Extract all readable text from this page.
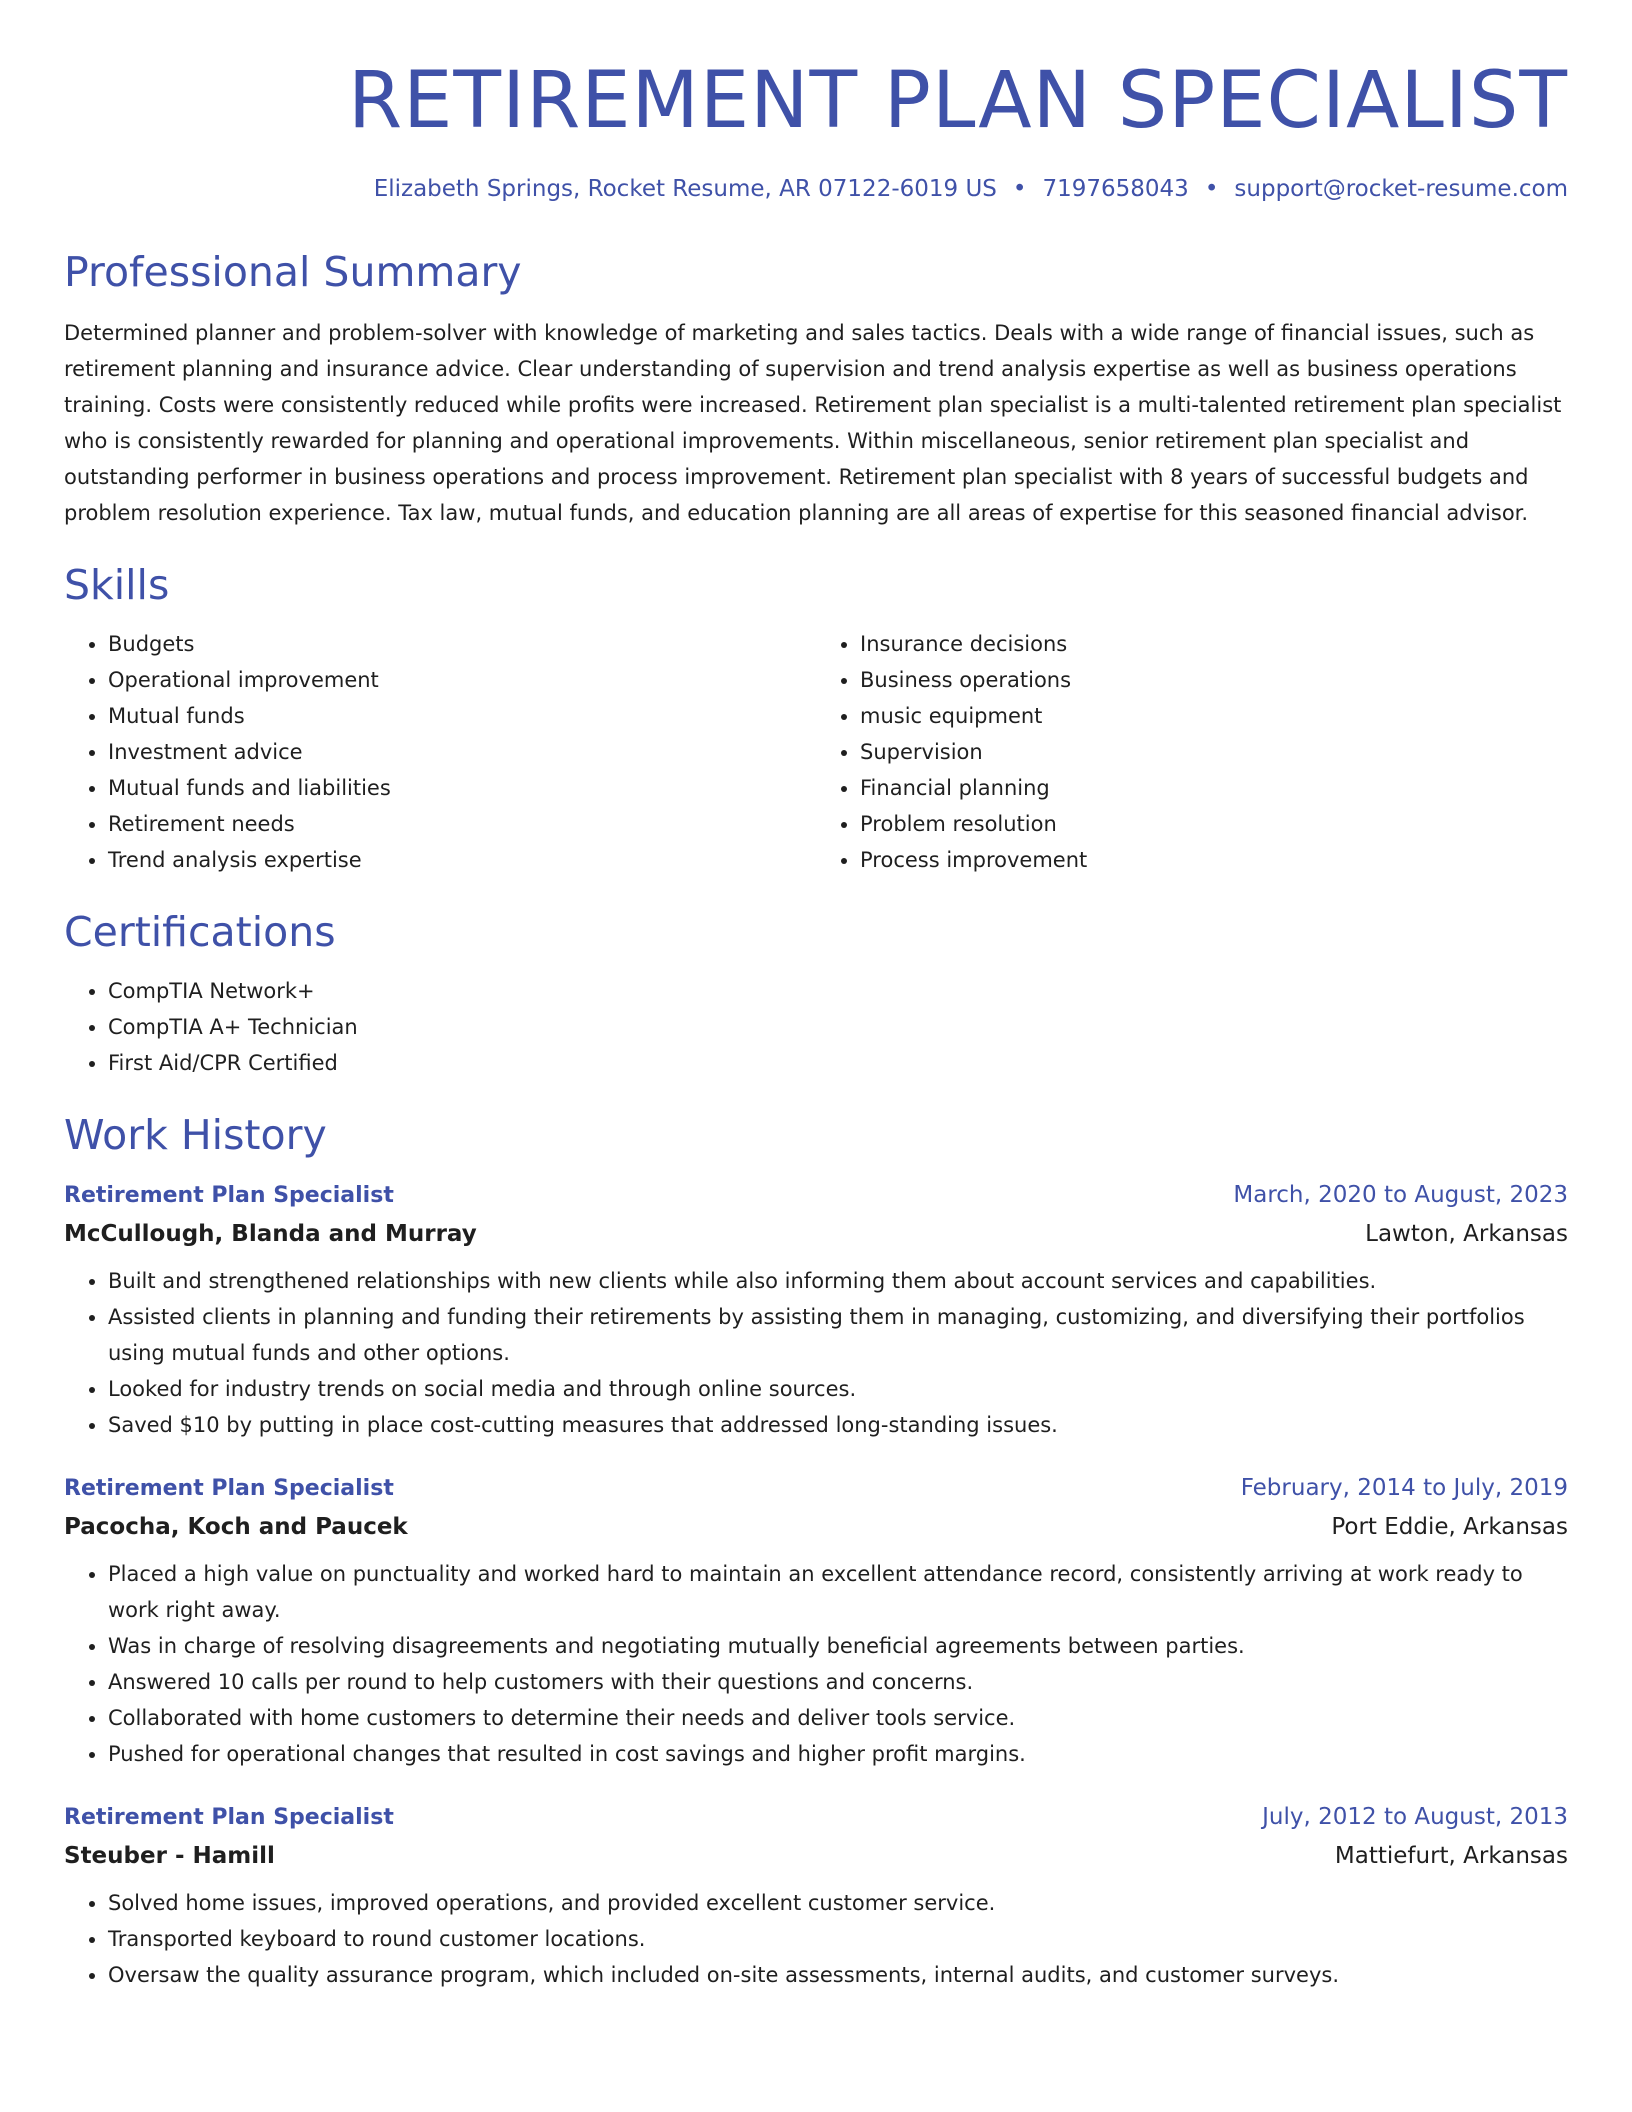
RETIREMENT PLAN SPECIALIST
Elizabeth Springs, Rocket Resume, AR 07122-6019 US • 7197658043 • support@rocket-resume.com
Professional Summary

Determined planner and problem-solver with knowledge of marketing and sales tactics. Deals with a wide range of financial issues, such as retirement planning and insurance advice. Clear understanding of supervision and trend analysis expertise as well as business operations training. Costs were consistently reduced while profits were increased. Retirement plan specialist is a multi-talented retirement plan specialist who is consistently rewarded for planning and operational improvements. Within miscellaneous, senior retirement plan specialist and outstanding performer in business operations and process improvement. Retirement plan specialist with 8 years of successful budgets and problem resolution experience. Tax law, mutual funds, and education planning are all areas of expertise for this seasoned financial advisor.

Skills
• Budgets
• Operational improvement
• Mutual funds
• Investment advice
• Mutual funds and liabilities
• Retirement needs
• Trend analysis expertise
• Insurance decisions
• Business operations
• music equipment
• Supervision
• Financial planning
• Problem resolution
• Process improvement
Certifications
• CompTIA Network+
• CompTIA A+ Technician
• First Aid/CPR Certified
Work History
Retirement Plan Specialist	March, 2020 to August, 2023
McCullough, Blanda and Murray	Lawton, Arkansas
• Built and strengthened relationships with new clients while also informing them about account services and capabilities.
• Assisted clients in planning and funding their retirements by assisting them in managing, customizing, and diversifying their portfolios using mutual funds and other options.
• Looked for industry trends on social media and through online sources.
• Saved $10 by putting in place cost-cutting measures that addressed long-standing issues.
Retirement Plan Specialist	February, 2014 to July, 2019
Pacocha, Koch and Paucek	Port Eddie, Arkansas
• Placed a high value on punctuality and worked hard to maintain an excellent attendance record, consistently arriving at work ready to work right away.
• Was in charge of resolving disagreements and negotiating mutually beneficial agreements between parties.
• Answered 10 calls per round to help customers with their questions and concerns.
• Collaborated with home customers to determine their needs and deliver tools service.
• Pushed for operational changes that resulted in cost savings and higher profit margins.
Retirement Plan Specialist	July, 2012 to August, 2013
Steuber - Hamill	Mattiefurt, Arkansas
• Solved home issues, improved operations, and provided excellent customer service.
• Transported keyboard to round customer locations.
• Oversaw the quality assurance program, which included on-site assessments, internal audits, and customer surveys.
